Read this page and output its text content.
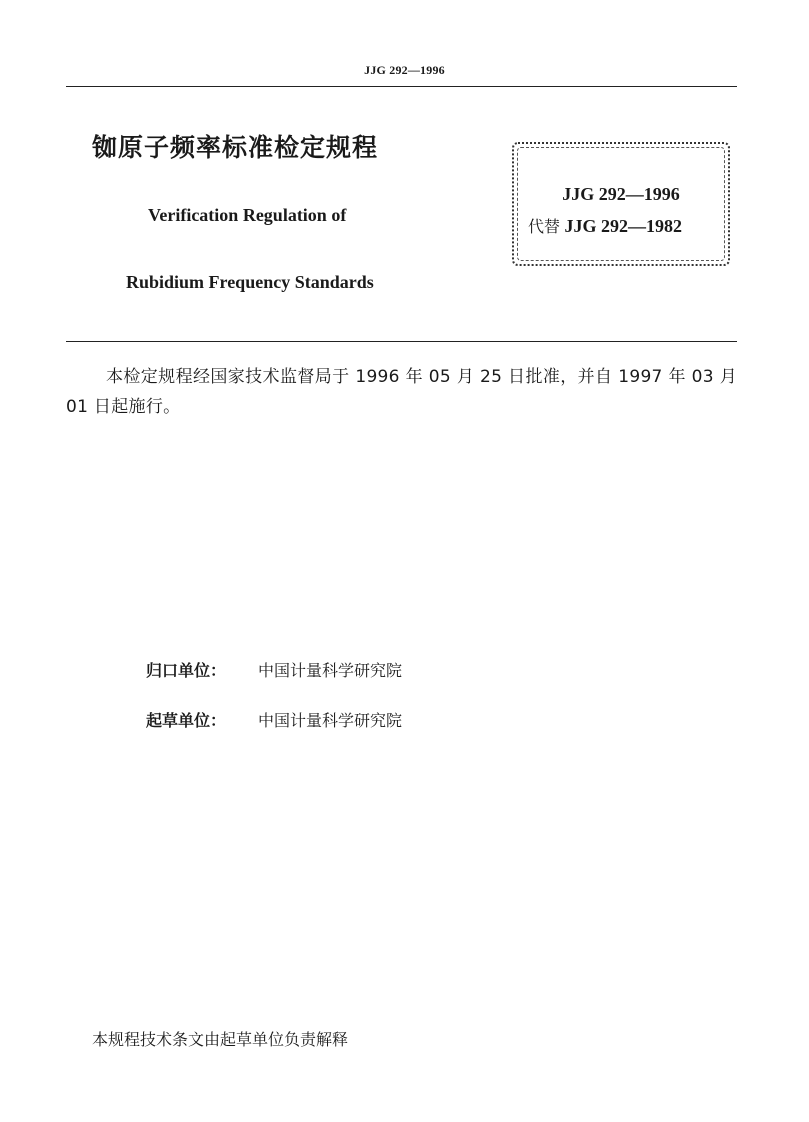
JJG 292—1996
铷原子频率标准检定规程
Verification Regulation of
Rubidium Frequency Standards
JJG 292—1996
代替 JJG 292—1982
本检定规程经国家技术监督局于 1996 年 05 月 25 日批准，并自 1997 年 03 月 01 日起施行。
归口单位： 中国计量科学研究院
起草单位： 中国计量科学研究院
本规程技术条文由起草单位负责解释
